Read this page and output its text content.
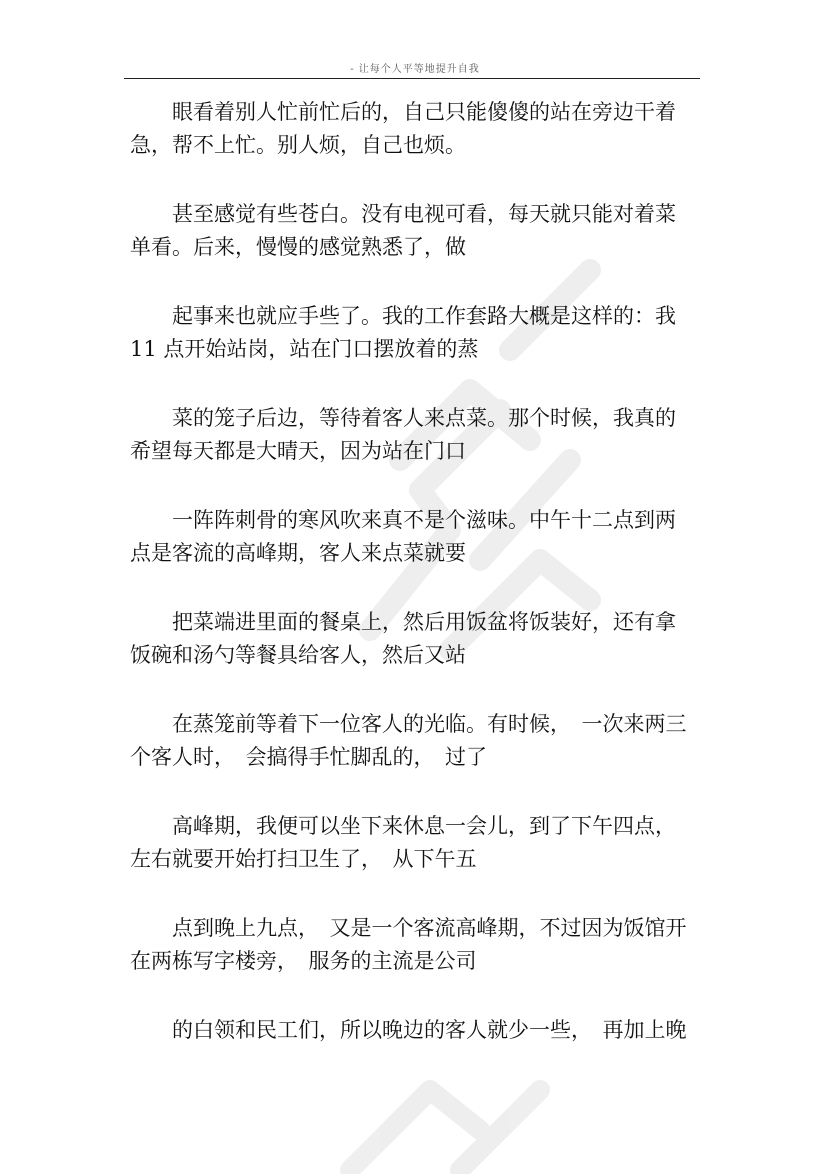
- 让每个人平等地提升自我
眼看着别人忙前忙后的，自己只能傻傻的站在旁边干着
急，帮不上忙。别人烦，自己也烦。
甚至感觉有些苍白。没有电视可看，每天就只能对着菜
单看。后来，慢慢的感觉熟悉了，做
起事来也就应手些了。我的工作套路大概是这样的：我
11 点开始站岗，站在门口摆放着的蒸
菜的笼子后边，等待着客人来点菜。那个时候，我真的
希望每天都是大晴天，因为站在门口
一阵阵刺骨的寒风吹来真不是个滋味。中午十二点到两
点是客流的高峰期，客人来点菜就要
把菜端进里面的餐桌上，然后用饭盆将饭装好，还有拿
饭碗和汤勺等餐具给客人，然后又站
在蒸笼前等着下一位客人的光临。有时候，　一次来两三
个客人时，　会搞得手忙脚乱的，　过了
高峰期，我便可以坐下来休息一会儿，到了下午四点，
左右就要开始打扫卫生了，　从下午五
点到晚上九点，　又是一个客流高峰期，不过因为饭馆开
在两栋写字楼旁，　服务的主流是公司
的白领和民工们，所以晚边的客人就少一些，　再加上晚
